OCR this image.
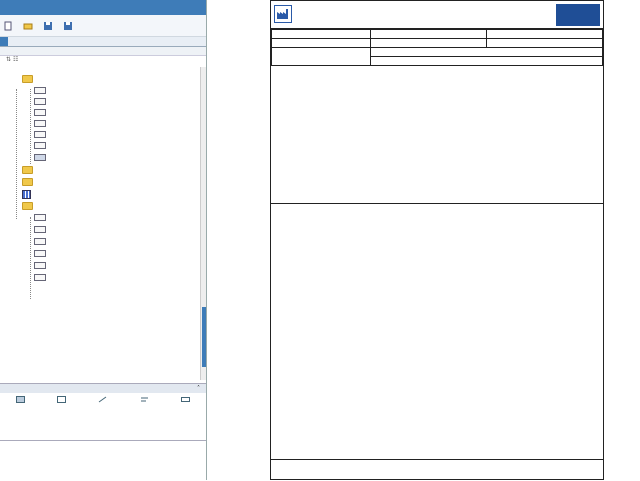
⇅ ☷
˄
